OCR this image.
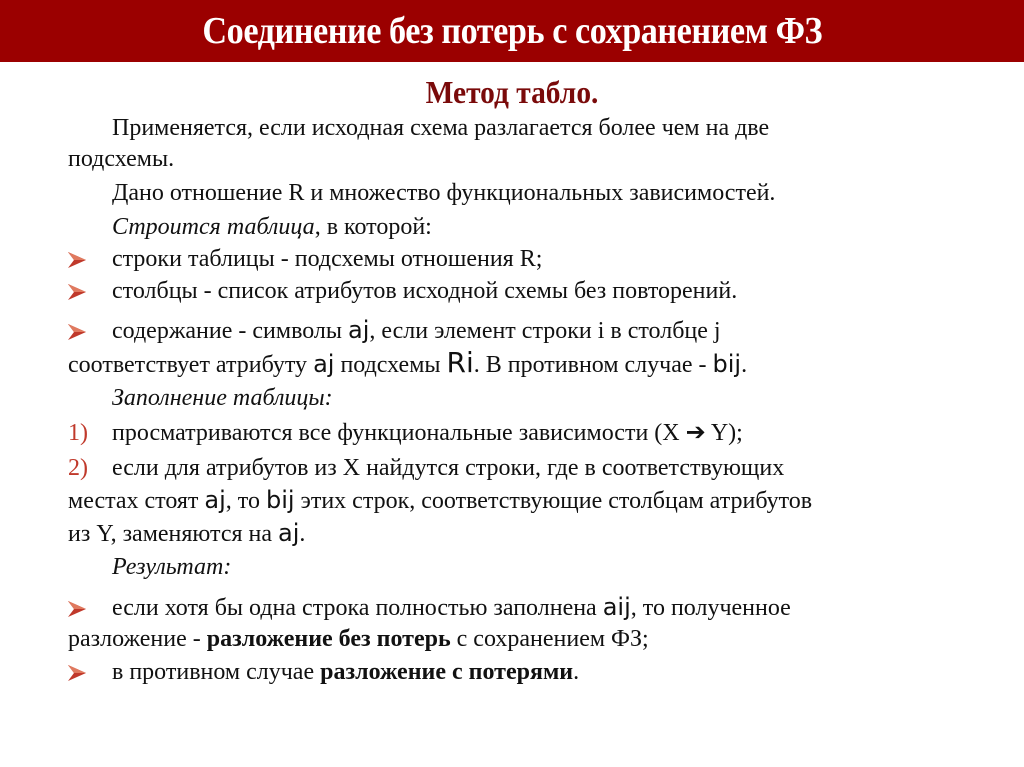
Соединение без потерь с сохранением ФЗ
Метод табло.
Применяется, если исходная схема разлагается более чем на две
подсхемы.
Дано отношение R и множество функциональных зависимостей.
Строится таблица, в которой:
строки таблицы - подсхемы отношения R;
столбцы - список атрибутов исходной схемы без повторений.
содержание - символы aj, если элемент строки i в столбце j
соответствует атрибуту aj подсхемы Ri. В противном случае - bij.
Заполнение таблицы:
1) просматриваются все функциональные зависимости (X ➔ Y);
2) если для атрибутов из X найдутся строки, где в соответствующих
местах стоят aj, то bij этих строк, соответствующие столбцам атрибутов
из Y, заменяются на aj.
Результат:
если хотя бы одна строка полностью заполнена aij, то полученное
разложение - разложение без потерь с сохранением ФЗ;
в противном случае разложение с потерями.
